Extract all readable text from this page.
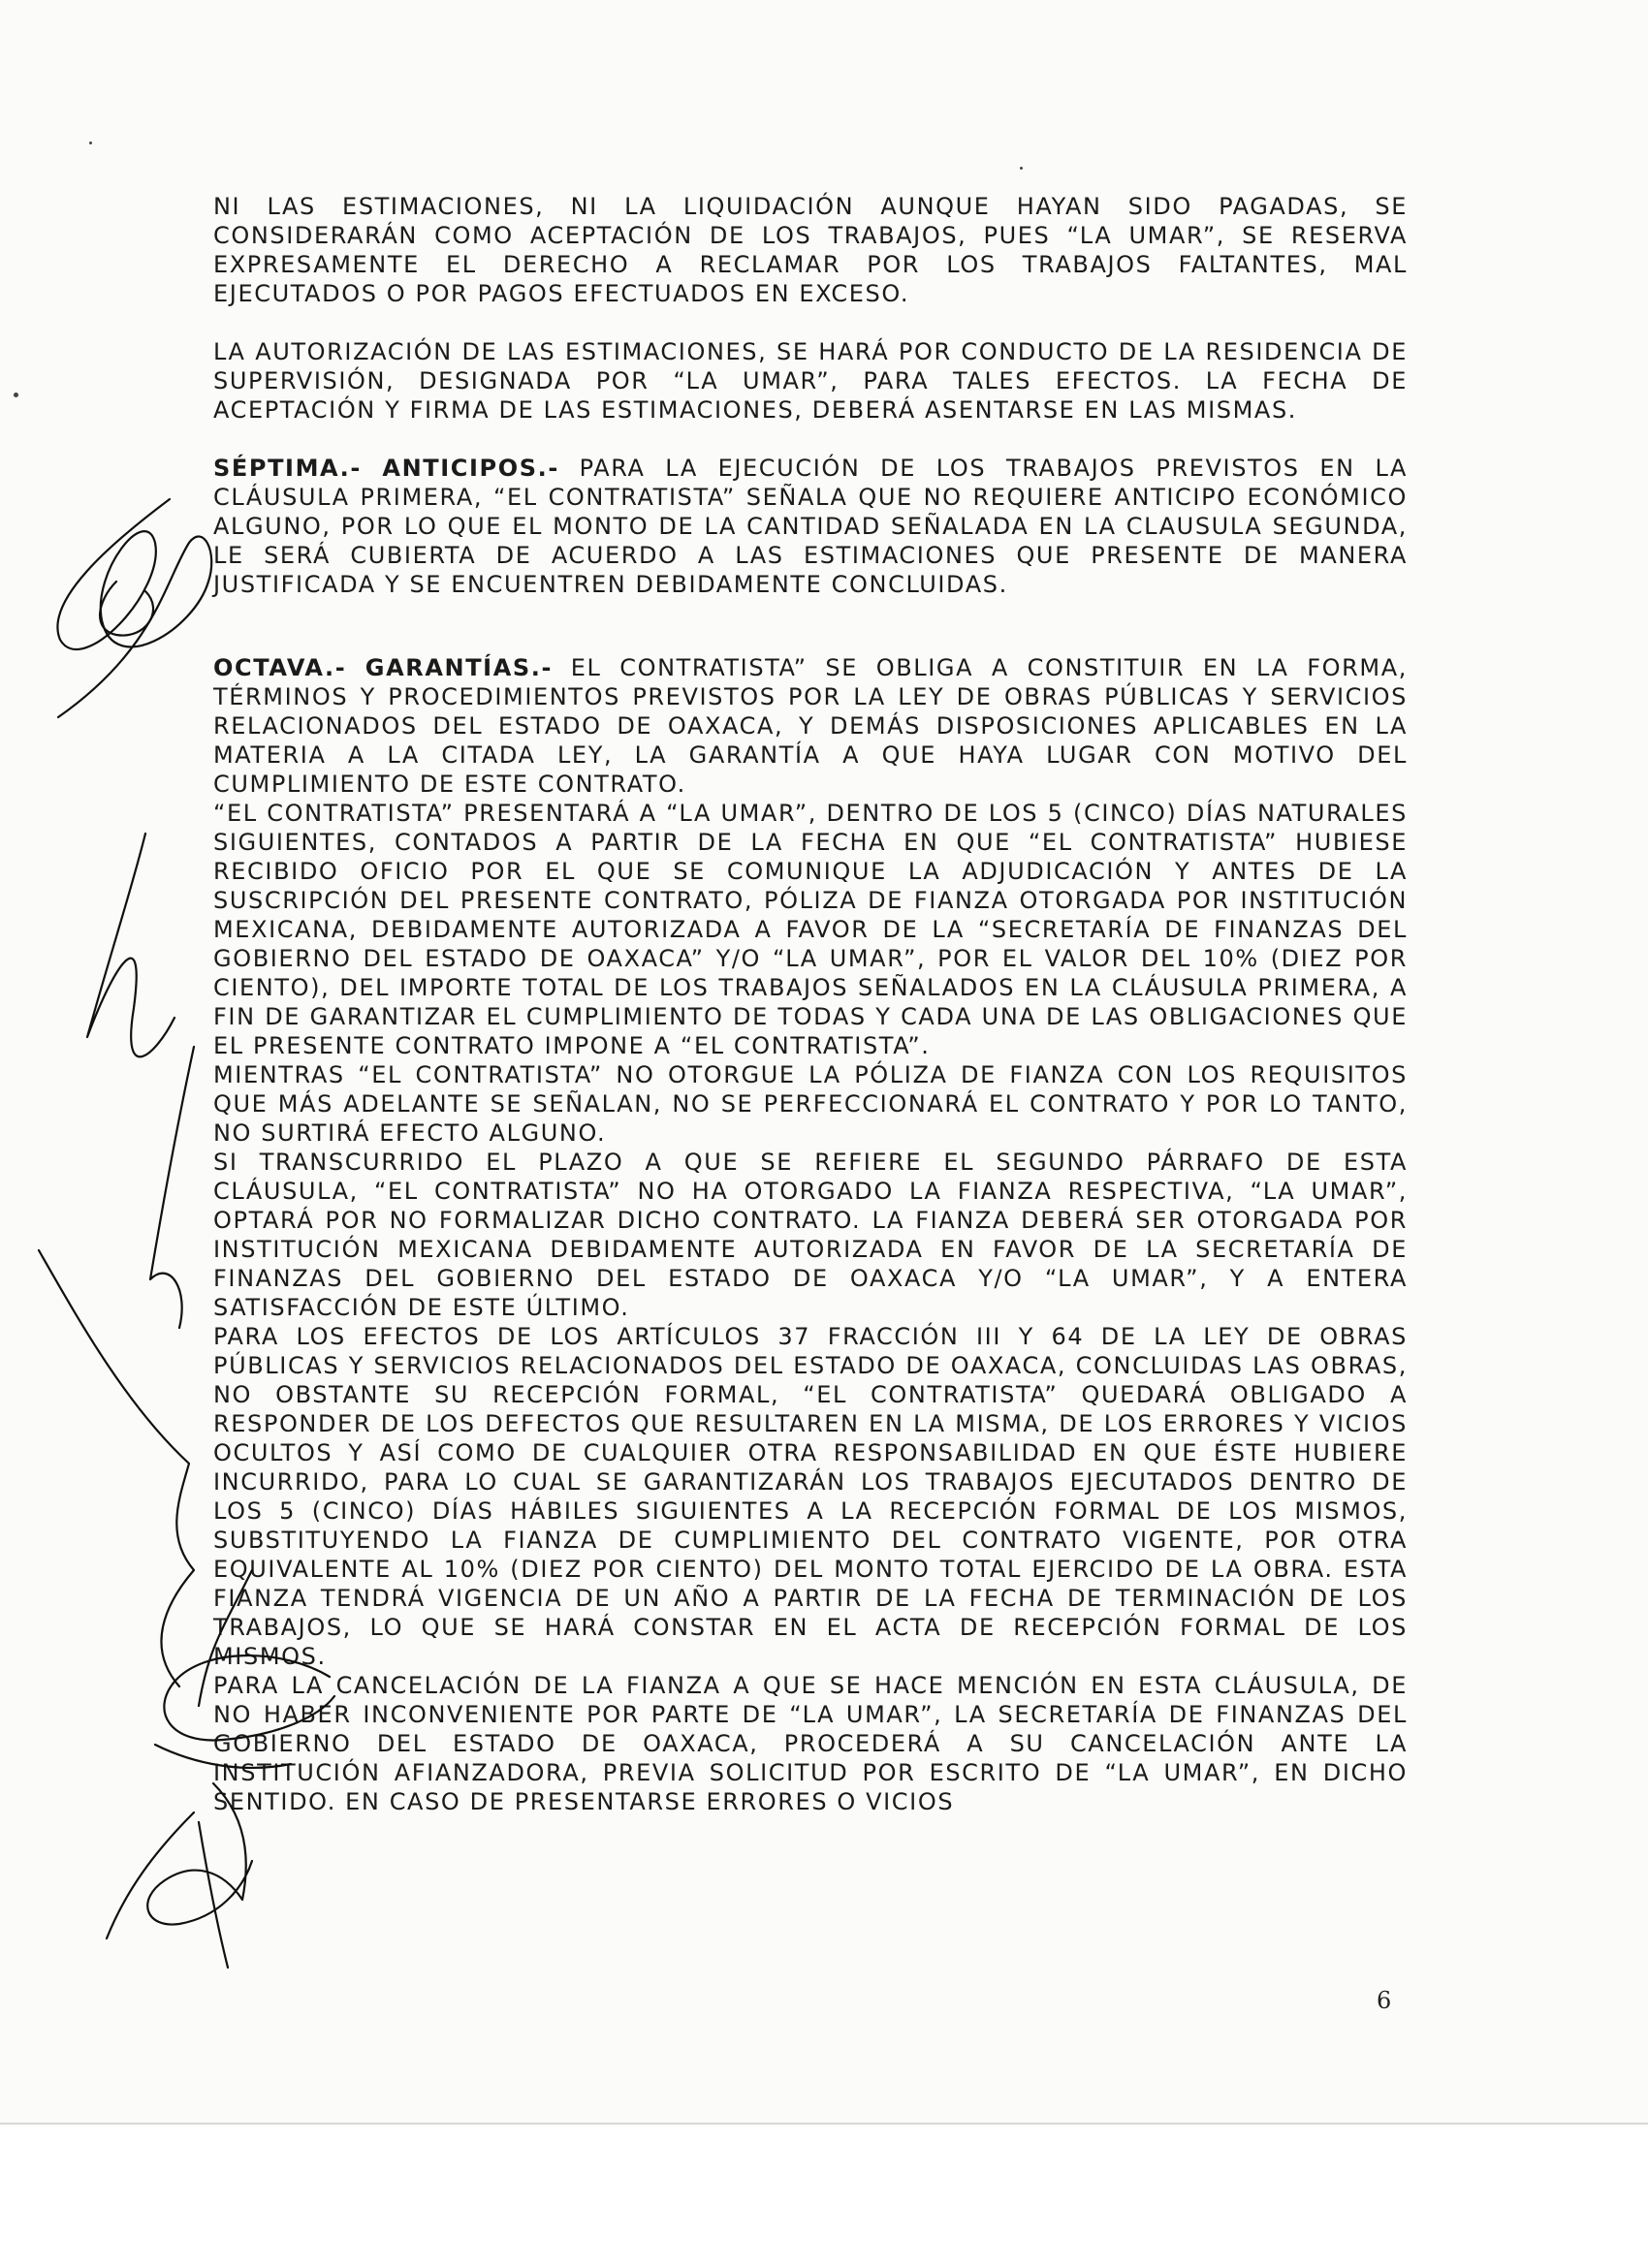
NI LAS ESTIMACIONES, NI LA LIQUIDACIÓN AUNQUE HAYAN SIDO PAGADAS, SE CONSIDERARÁN COMO ACEPTACIÓN DE LOS TRABAJOS, PUES “LA UMAR”, SE RESERVA EXPRESAMENTE EL DERECHO A RECLAMAR POR LOS TRABAJOS FALTANTES, MAL EJECUTADOS O POR PAGOS EFECTUADOS EN EXCESO.

LA AUTORIZACIÓN DE LAS ESTIMACIONES, SE HARÁ POR CONDUCTO DE LA RESIDENCIA DE SUPERVISIÓN, DESIGNADA POR “LA UMAR”, PARA TALES EFECTOS. LA FECHA DE ACEPTACIÓN Y FIRMA DE LAS ESTIMACIONES, DEBERÁ ASENTARSE EN LAS MISMAS.

SÉPTIMA.- ANTICIPOS.- PARA LA EJECUCIÓN DE LOS TRABAJOS PREVISTOS EN LA CLÁUSULA PRIMERA, “EL CONTRATISTA” SEÑALA QUE NO REQUIERE ANTICIPO ECONÓMICO ALGUNO, POR LO QUE EL MONTO DE LA CANTIDAD SEÑALADA EN LA CLAUSULA SEGUNDA, LE SERÁ CUBIERTA DE ACUERDO A LAS ESTIMACIONES QUE PRESENTE DE MANERA JUSTIFICADA Y SE ENCUENTREN DEBIDAMENTE CONCLUIDAS.

OCTAVA.- GARANTÍAS.- EL CONTRATISTA” SE OBLIGA A CONSTITUIR EN LA FORMA, TÉRMINOS Y PROCEDIMIENTOS PREVISTOS POR LA LEY DE OBRAS PÚBLICAS Y SERVICIOS RELACIONADOS DEL ESTADO DE OAXACA, Y DEMÁS DISPOSICIONES APLICABLES EN LA MATERIA A LA CITADA LEY, LA GARANTÍA A QUE HAYA LUGAR CON MOTIVO DEL CUMPLIMIENTO DE ESTE CONTRATO.

“EL CONTRATISTA” PRESENTARÁ A “LA UMAR”, DENTRO DE LOS 5 (CINCO) DÍAS NATURALES SIGUIENTES, CONTADOS A PARTIR DE LA FECHA EN QUE “EL CONTRATISTA” HUBIESE RECIBIDO OFICIO POR EL QUE SE COMUNIQUE LA ADJUDICACIÓN Y ANTES DE LA SUSCRIPCIÓN DEL PRESENTE CONTRATO, PÓLIZA DE FIANZA OTORGADA POR INSTITUCIÓN MEXICANA, DEBIDAMENTE AUTORIZADA A FAVOR DE LA “SECRETARÍA DE FINANZAS DEL GOBIERNO DEL ESTADO DE OAXACA” Y/O “LA UMAR”, POR EL VALOR DEL 10% (DIEZ POR CIENTO), DEL IMPORTE TOTAL DE LOS TRABAJOS SEÑALADOS EN LA CLÁUSULA PRIMERA, A FIN DE GARANTIZAR EL CUMPLIMIENTO DE TODAS Y CADA UNA DE LAS OBLIGACIONES QUE EL PRESENTE CONTRATO IMPONE A “EL CONTRATISTA”.

MIENTRAS “EL CONTRATISTA” NO OTORGUE LA PÓLIZA DE FIANZA CON LOS REQUISITOS QUE MÁS ADELANTE SE SEÑALAN, NO SE PERFECCIONARÁ EL CONTRATO Y POR LO TANTO, NO SURTIRÁ EFECTO ALGUNO.

SI TRANSCURRIDO EL PLAZO A QUE SE REFIERE EL SEGUNDO PÁRRAFO DE ESTA CLÁUSULA, “EL CONTRATISTA” NO HA OTORGADO LA FIANZA RESPECTIVA, “LA UMAR”, OPTARÁ POR NO FORMALIZAR DICHO CONTRATO. LA FIANZA DEBERÁ SER OTORGADA POR INSTITUCIÓN MEXICANA DEBIDAMENTE AUTORIZADA EN FAVOR DE LA SECRETARÍA DE FINANZAS DEL GOBIERNO DEL ESTADO DE OAXACA Y/O “LA UMAR”, Y A ENTERA SATISFACCIÓN DE ESTE ÚLTIMO.

PARA LOS EFECTOS DE LOS ARTÍCULOS 37 FRACCIÓN III Y 64 DE LA LEY DE OBRAS PÚBLICAS Y SERVICIOS RELACIONADOS DEL ESTADO DE OAXACA, CONCLUIDAS LAS OBRAS, NO OBSTANTE SU RECEPCIÓN FORMAL, “EL CONTRATISTA” QUEDARÁ OBLIGADO A RESPONDER DE LOS DEFECTOS QUE RESULTAREN EN LA MISMA, DE LOS ERRORES Y VICIOS OCULTOS Y ASÍ COMO DE CUALQUIER OTRA RESPONSABILIDAD EN QUE ÉSTE HUBIERE INCURRIDO, PARA LO CUAL SE GARANTIZARÁN LOS TRABAJOS EJECUTADOS DENTRO DE LOS 5 (CINCO) DÍAS HÁBILES SIGUIENTES A LA RECEPCIÓN FORMAL DE LOS MISMOS, SUBSTITUYENDO LA FIANZA DE CUMPLIMIENTO DEL CONTRATO VIGENTE, POR OTRA EQUIVALENTE AL 10% (DIEZ POR CIENTO) DEL MONTO TOTAL EJERCIDO DE LA OBRA. ESTA FIANZA TENDRÁ VIGENCIA DE UN AÑO A PARTIR DE LA FECHA DE TERMINACIÓN DE LOS TRABAJOS, LO QUE SE HARÁ CONSTAR EN EL ACTA DE RECEPCIÓN FORMAL DE LOS MISMOS.

PARA LA CANCELACIÓN DE LA FIANZA A QUE SE HACE MENCIÓN EN ESTA CLÁUSULA, DE NO HABER INCONVENIENTE POR PARTE DE “LA UMAR”, LA SECRETARÍA DE FINANZAS DEL GOBIERNO DEL ESTADO DE OAXACA, PROCEDERÁ A SU CANCELACIÓN ANTE LA INSTITUCIÓN AFIANZADORA, PREVIA SOLICITUD POR ESCRITO DE “LA UMAR”, EN DICHO SENTIDO. EN CASO DE PRESENTARSE ERRORES O VICIOS

6
